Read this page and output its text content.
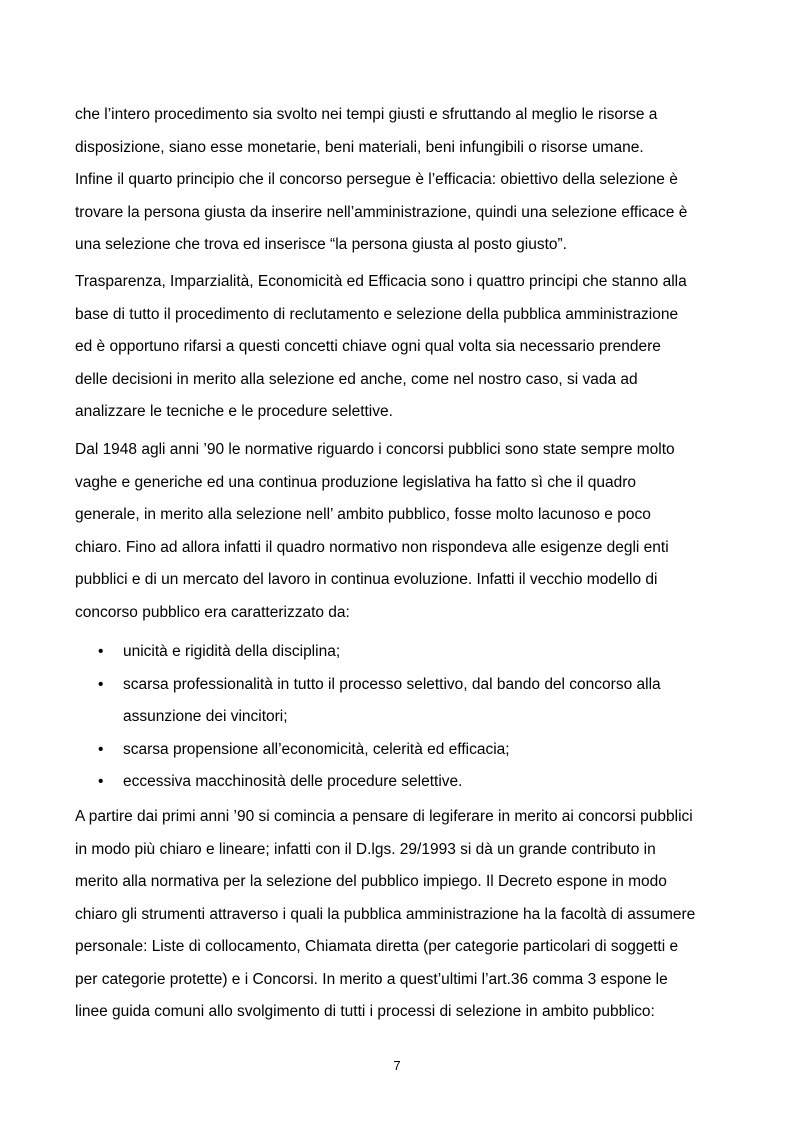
che l’intero procedimento sia svolto nei tempi giusti e sfruttando al meglio le risorse a
disposizione, siano esse monetarie, beni materiali, beni infungibili o risorse umane.
Infine il quarto principio che il concorso persegue è l’efficacia: obiettivo della selezione è
trovare la persona giusta da inserire nell’amministrazione, quindi una selezione efficace è
una selezione che trova ed inserisce “la persona giusta al posto giusto”.

Trasparenza, Imparzialità, Economicità ed Efficacia sono i quattro principi che stanno alla
base di tutto il procedimento di reclutamento e selezione della pubblica amministrazione
ed è opportuno rifarsi a questi concetti chiave ogni qual volta sia necessario prendere
delle decisioni in merito alla selezione ed anche, come nel nostro caso, si vada ad
analizzare le tecniche e le procedure selettive.

Dal 1948 agli anni ’90 le normative riguardo i concorsi pubblici sono state sempre molto
vaghe e generiche ed una continua produzione legislativa ha fatto sì che il quadro
generale, in merito alla selezione nell’ ambito pubblico, fosse molto lacunoso e poco
chiaro. Fino ad allora infatti il quadro normativo non rispondeva alle esigenze degli enti
pubblici e di un mercato del lavoro in continua evoluzione. Infatti il vecchio modello di
concorso pubblico era caratterizzato da:

• unicità e rigidità della disciplina;
• scarsa professionalità in tutto il processo selettivo, dal bando del concorso alla
assunzione dei vincitori;
• scarsa propensione all’economicità, celerità ed efficacia;
• eccessiva macchinosità delle procedure selettive.

A partire dai primi anni ’90 si comincia a pensare di legiferare in merito ai concorsi pubblici
in modo più chiaro e lineare; infatti con il D.lgs. 29/1993 si dà un grande contributo in
merito alla normativa per la selezione del pubblico impiego. Il Decreto espone in modo
chiaro gli strumenti attraverso i quali la pubblica amministrazione ha la facoltà di assumere
personale: Liste di collocamento, Chiamata diretta (per categorie particolari di soggetti e
per categorie protette) e i Concorsi. In merito a quest’ultimi l’art.36 comma 3 espone le
linee guida comuni allo svolgimento di tutti i processi di selezione in ambito pubblico:

7
